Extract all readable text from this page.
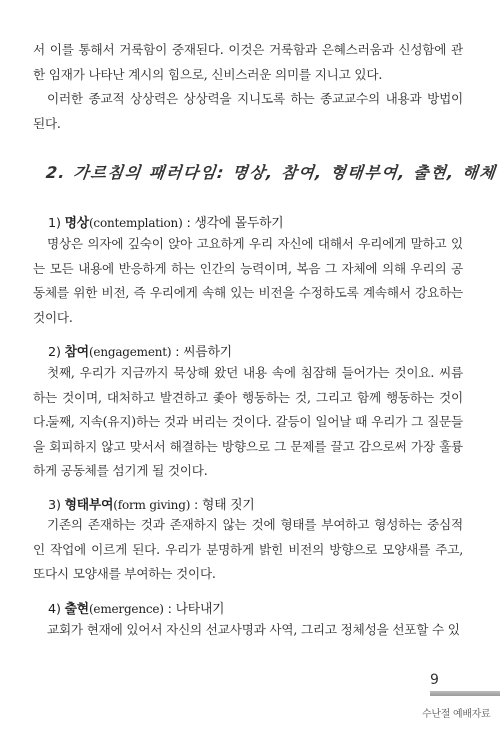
서 이를 통해서 거룩함이 중재된다. 이것은 거룩함과 은혜스러움과 신성함에 관한 임재가 나타난 계시의 힘으로, 신비스러운 의미를 지니고 있다.

이러한 종교적 상상력은 상상력을 지니도록 하는 종교교수의 내용과 방법이 된다.

2. 가르침의 패러다임: 명상, 참여, 형태부여, 출현, 해체
1) 명상(contemplation) : 생각에 몰두하기

명상은 의자에 깊숙이 앉아 고요하게 우리 자신에 대해서 우리에게 말하고 있는 모든 내용에 반응하게 하는 인간의 능력이며, 복음 그 자체에 의해 우리의 공동체를 위한 비전, 즉 우리에게 속해 있는 비전을 수정하도록 계속해서 강요하는 것이다.

2) 참여(engagement) : 씨름하기

첫째, 우리가 지금까지 묵상해 왔던 내용 속에 침잠해 들어가는 것이요. 씨름하는 것이며, 대처하고 발견하고 좇아 행동하는 것, 그리고 함께 행동하는 것이다.

둘째, 지속(유지)하는 것과 버리는 것이다. 갈등이 일어날 때 우리가 그 질문들을 회피하지 않고 맞서서 해결하는 방향으로 그 문제를 끌고 감으로써 가장 훌륭하게 공동체를 섬기게 될 것이다.

3) 형태부여(form giving) : 형태 짓기

기존의 존재하는 것과 존재하지 않는 것에 형태를 부여하고 형성하는 중심적인 작업에 이르게 된다. 우리가 분명하게 밝힌 비전의 방향으로 모양새를 주고, 또다시 모양새를 부여하는 것이다.

4) 출현(emergence) : 나타내기

교회가 현재에 있어서 자신의 선교사명과 사역, 그리고 정체성을 선포할 수 있

9
수난절 예배자료
